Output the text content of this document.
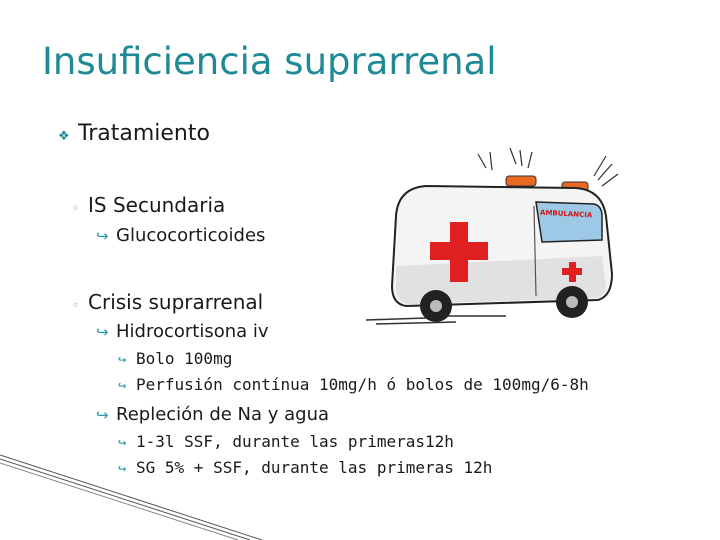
Insuficiencia suprarrenal
❖ Tratamiento
◦ IS Secundaria
↪ Glucocorticoides
◦ Crisis suprarrenal
↪ Hidrocortisona iv
↪ Bolo 100mg
↪ Perfusión contínua 10mg/h ó bolos de 100mg/6-8h
↪ Repleción de Na y agua
↪ 1-3l SSF, durante las primeras12h
↪ SG 5% + SSF, durante las primeras 12h
AMBULANCIA
